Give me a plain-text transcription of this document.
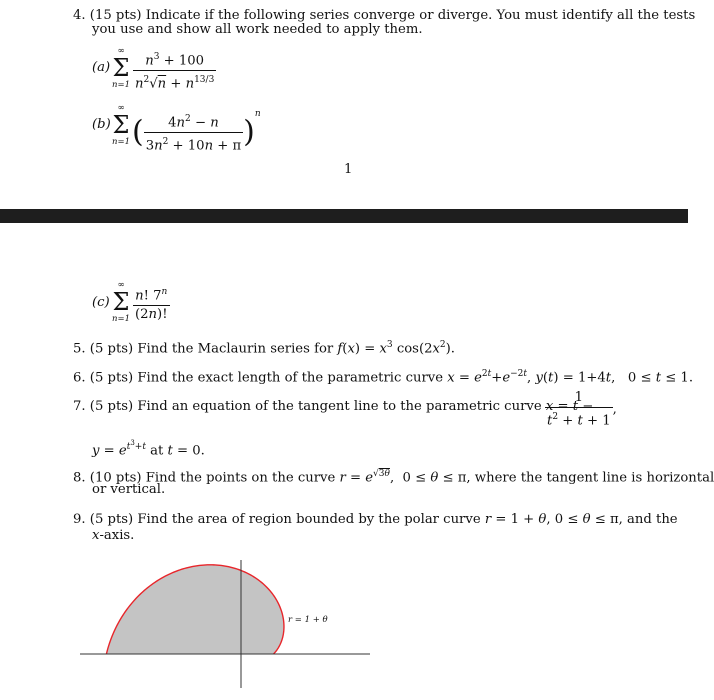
4. (15 pts) Indicate if the following series converge or diverge. You must identify all the tests
you use and show all work needed to apply them.
(a)
∞
Σ
$n=1 \frac{n^3 + 100}{n^2√n + n^{13/3}}$
(b)
∞
Σ
n=1 ( $\frac{4n^2 - n}{3n^2 + 10n + \pi} )^n$
1
(c)
∞
Σ
$n=1 \frac{n! 7^n}{(2n)!}$
5. (5 pts) Find the Maclaurin series for $f(x) = x^3$ $\cos(2x^2)$.
6. (5 pts) Find the exact length of the parametric curve $x = e^{2t}+e^{-2t}$, y(t) = 1+4t,   0 ≤ t ≤ 1.
7. (5 pts) Find an equation of the tangent line to the parametric curve x = t −
$\frac{1}{t^2 + t + 1}$ ,
$y = e^{t^3+t}$ at t = 0.
8. (10 pts) Find the points on the curve $r = e^{√3\theta}$,  0 ≤ θ ≤ π, where the tangent line is horizontal
or vertical.
9. (5 pts) Find the area of region bounded by the polar curve r = 1 + θ, 0 ≤ θ ≤ π, and the
x-axis.
r = 1 + θ
